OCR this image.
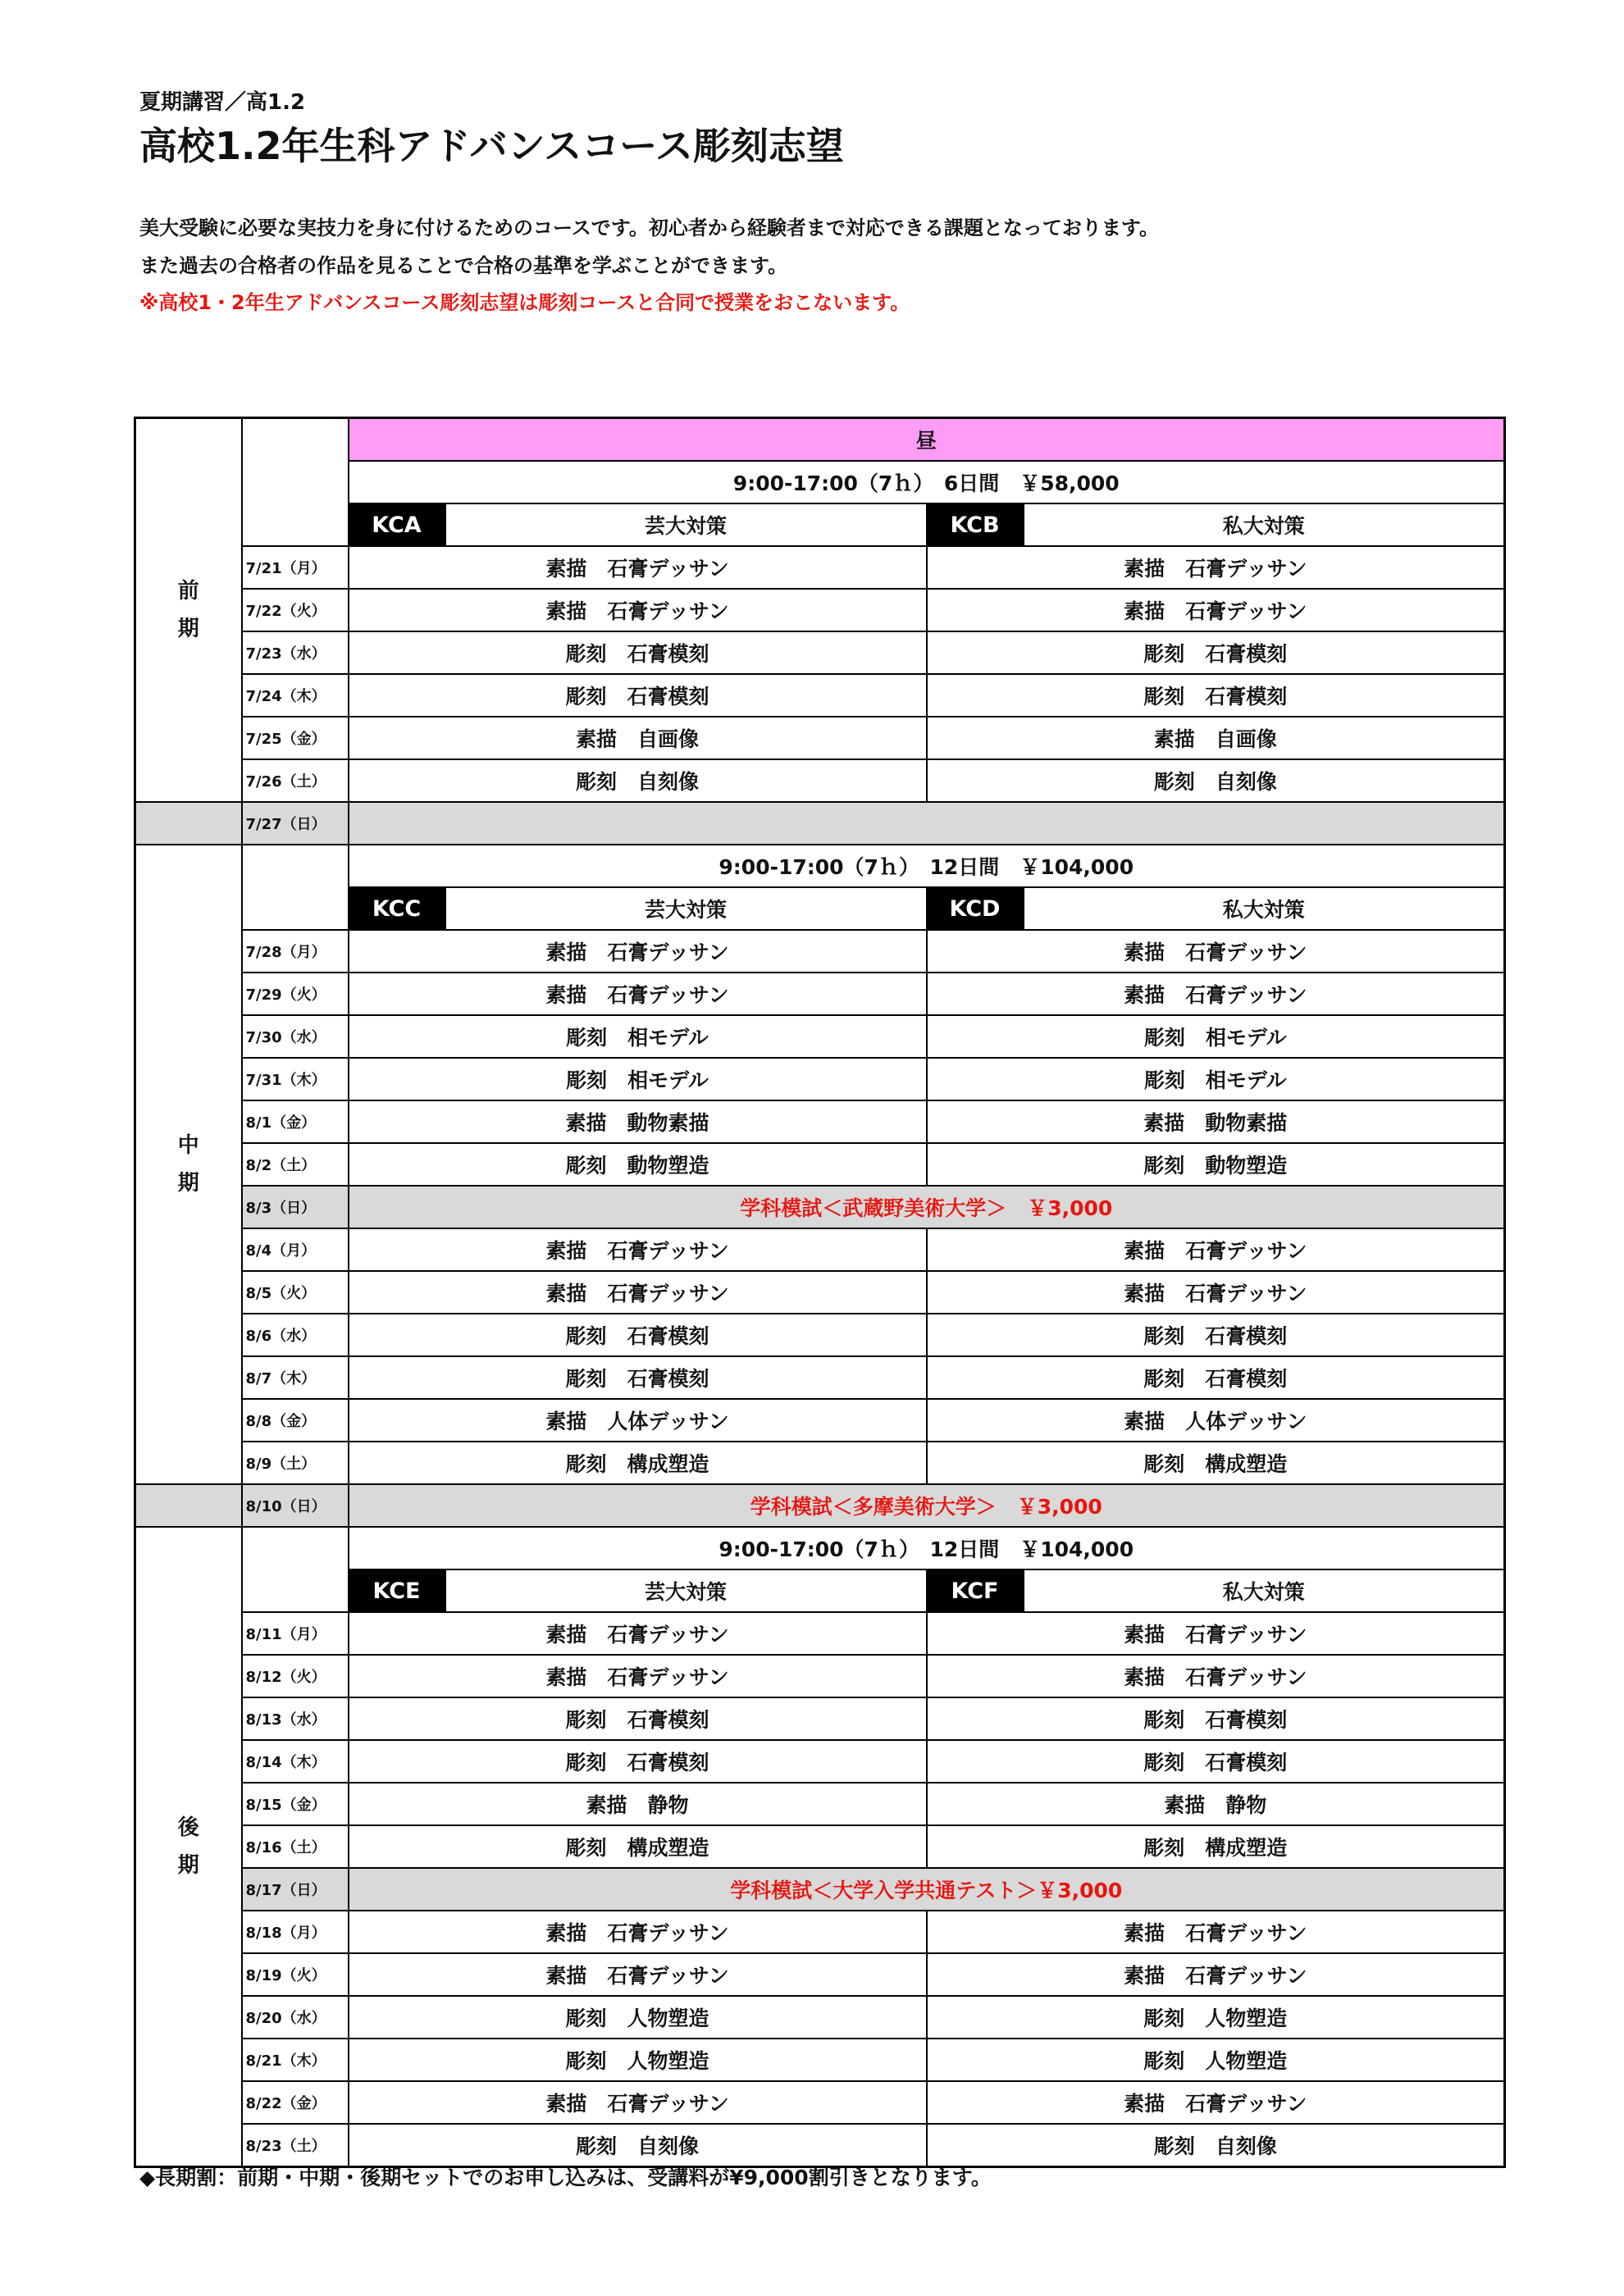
夏期講習／高1.2
高校1.2年生科アドバンスコース彫刻志望
美大受験に必要な実技力を身に付けるためのコースです。初心者から経験者まで対応できる課題となっております。
また過去の合格者の作品を見ることで合格の基準を学ぶことができます。
※高校1・2年生アドバンスコース彫刻志望は彫刻コースと合同で授業をおこないます。
前
期		昼			
		9:00-17:00（7ｈ）　6日間　￥58,000			
		KCA	芸大対策	KCB	私大対策
	7/21（月）	素描　石膏デッサン		素描　石膏デッサン	
	7/22（火）	素描　石膏デッサン		素描　石膏デッサン	
	7/23（水）	彫刻　石膏模刻		彫刻　石膏模刻	
	7/24（木）	彫刻　石膏模刻		彫刻　石膏模刻	
	7/25（金）	素描　自画像		素描　自画像	
	7/26（土）	彫刻　自刻像		彫刻　自刻像	
	7/27（日）				
中
期		9:00-17:00（7ｈ）　12日間　￥104,000			
		KCC	芸大対策	KCD	私大対策
	7/28（月）	素描　石膏デッサン		素描　石膏デッサン	
	7/29（火）	素描　石膏デッサン		素描　石膏デッサン	
	7/30（水）	彫刻　相モデル		彫刻　相モデル	
	7/31（木）	彫刻　相モデル		彫刻　相モデル	
	8/1（金）	素描　動物素描		素描　動物素描	
	8/2（土）	彫刻　動物塑造		彫刻　動物塑造	
	8/3（日）	学科模試＜武蔵野美術大学＞　￥3,000			
	8/4（月）	素描　石膏デッサン		素描　石膏デッサン	
	8/5（火）	素描　石膏デッサン		素描　石膏デッサン	
	8/6（水）	彫刻　石膏模刻		彫刻　石膏模刻	
	8/7（木）	彫刻　石膏模刻		彫刻　石膏模刻	
	8/8（金）	素描　人体デッサン		素描　人体デッサン	
	8/9（土）	彫刻　構成塑造		彫刻　構成塑造	
	8/10（日）	学科模試＜多摩美術大学＞　￥3,000			
後
期		9:00-17:00（7ｈ）　12日間　￥104,000			
		KCE	芸大対策	KCF	私大対策
	8/11（月）	素描　石膏デッサン		素描　石膏デッサン	
	8/12（火）	素描　石膏デッサン		素描　石膏デッサン	
	8/13（水）	彫刻　石膏模刻		彫刻　石膏模刻	
	8/14（木）	彫刻　石膏模刻		彫刻　石膏模刻	
	8/15（金）	素描　静物		素描　静物	
	8/16（土）	彫刻　構成塑造		彫刻　構成塑造	
	8/17（日）	学科模試＜大学入学共通テスト＞￥3,000			
	8/18（月）	素描　石膏デッサン		素描　石膏デッサン	
	8/19（火）	素描　石膏デッサン		素描　石膏デッサン	
	8/20（水）	彫刻　人物塑造		彫刻　人物塑造	
	8/21（木）	彫刻　人物塑造		彫刻　人物塑造	
	8/22（金）	素描　石膏デッサン		素描　石膏デッサン	
	8/23（土）	彫刻　自刻像		彫刻　自刻像	
◆長期割：前期・中期・後期セットでのお申し込みは、受講料が¥9,000割引きとなります。
